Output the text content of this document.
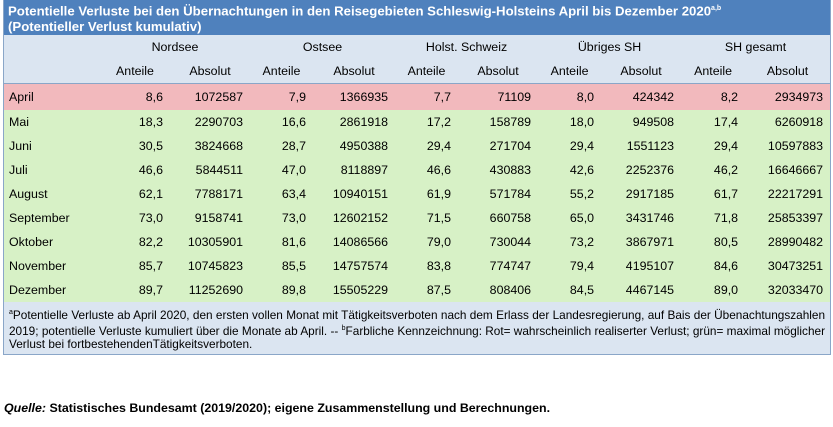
Potentielle Verluste bei den Übernachtungen in den Reisegebieten Schleswig-Holsteins April bis Dezember 2020$^{a,b}$
(Potentieller Verlust kumulativ)
	Nordsee		Ostsee		Holst. Schweiz		Übriges SH		SH gesamt	
	Anteile	Absolut	Anteile	Absolut	Anteile	Absolut	Anteile	Absolut	Anteile	Absolut
April	8,6	1072587	7,9	1366935	7,7	71109	8,0	424342	8,2	2934973
Mai	18,3	2290703	16,6	2861918	17,2	158789	18,0	949508	17,4	6260918
Juni	30,5	3824668	28,7	4950388	29,4	271704	29,4	1551123	29,4	10597883
Juli	46,6	5844511	47,0	8118897	46,6	430883	42,6	2252376	46,2	16646667
August	62,1	7788171	63,4	10940151	61,9	571784	55,2	2917185	61,7	22217291
September	73,0	9158741	73,0	12602152	71,5	660758	65,0	3431746	71,8	25853397
Oktober	82,2	10305901	81,6	14086566	79,0	730044	73,2	3867971	80,5	28990482
November	85,7	10745823	85,5	14757574	83,8	774747	79,4	4195107	84,6	30473251
Dezember	89,7	11252690	89,8	15505229	87,5	808406	84,5	4467145	89,0	32033470
$^a$Potentielle Verluste ab April 2020, den ersten vollen Monat mit Tätigkeitsverboten nach dem Erlass der Landesregierung, auf Bais der Übenachtungszahlen 2019; potentielle Verluste kumuliert über die Monate ab April. -- $^b$Farbliche Kennzeichnung: Rot= wahrscheinlich realiserter Verlust; grün= maximal möglicher Verlust bei fortbestehendenTätigkeitsverboten.
Quelle: Statistisches Bundesamt (2019/2020); eigene Zusammenstellung und Berechnungen.
